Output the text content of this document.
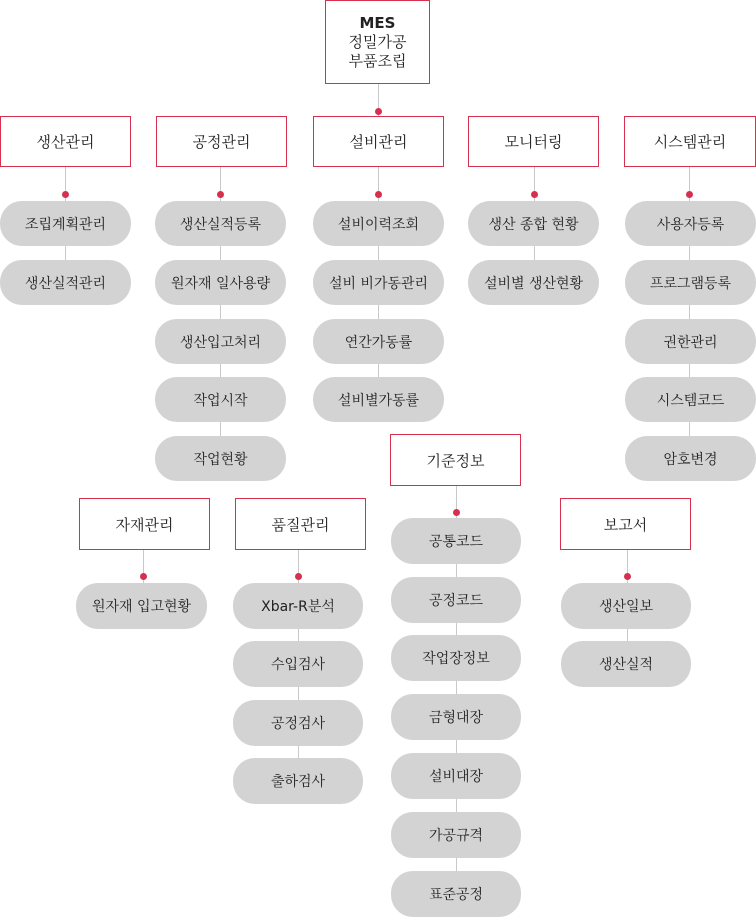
MES
정밀가공
부품조립
생산관리
조립계획관리
생산실적관리
공정관리
생산실적등록
원자재 일사용량
생산입고처리
작업시작
작업현황
설비관리
설비이력조회
설비 비가동관리
연간가동률
설비별가동률
모니터링
생산 종합 현황
설비별 생산현황
시스템관리
사용자등록
프로그램등록
권한관리
시스템코드
암호변경
자재관리
원자재 입고현황
품질관리
Xbar-R분석
수입검사
공정검사
출하검사
기준정보
공통코드
공정코드
작업장정보
금형대장
설비대장
가공규격
표준공정
보고서
생산일보
생산실적
